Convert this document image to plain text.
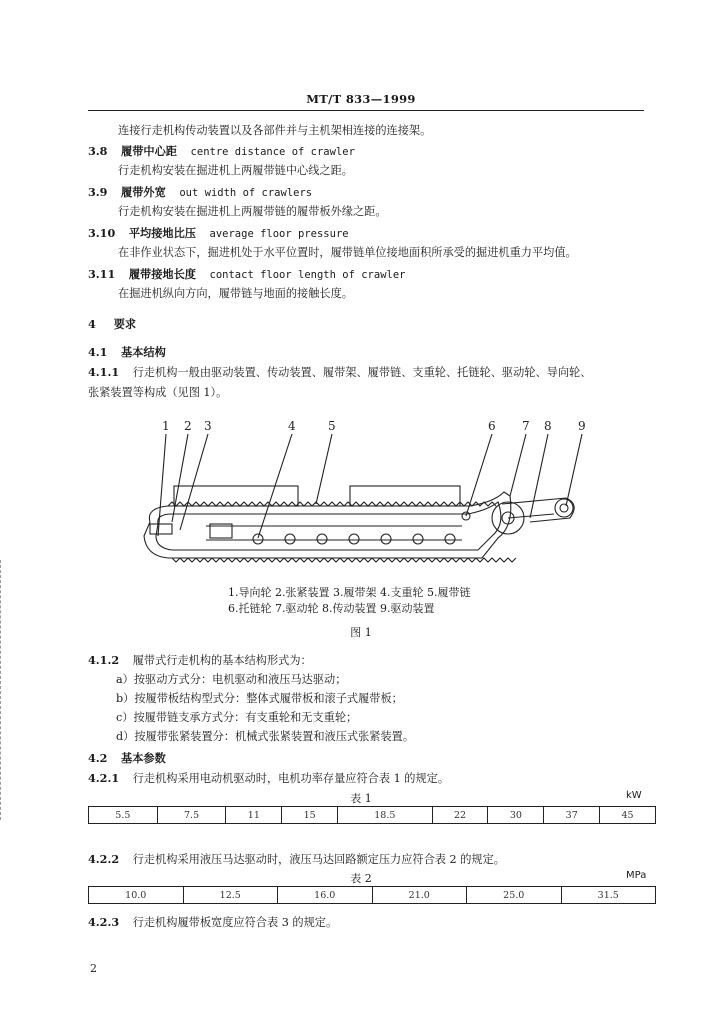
MT/T 833—1999
连接行走机构传动装置以及各部件并与主机架相连接的连接架。
3.8 履带中心距 centre distance of crawler
行走机构安装在掘进机上两履带链中心线之距。
3.9 履带外宽 out width of crawlers
行走机构安装在掘进机上两履带链的履带板外缘之距。
3.10 平均接地比压 average floor pressure
在非作业状态下，掘进机处于水平位置时，履带链单位接地面积所承受的掘进机重力平均值。
3.11 履带接地长度 contact floor length of crawler
在掘进机纵向方向，履带链与地面的接触长度。
4 要求
4.1 基本结构
4.1.1 行走机构一般由驱动装置、传动装置、履带架、履带链、支重轮、托链轮、驱动轮、导向轮、
张紧装置等构成（见图 1）。
1 2 3	4	5	6 7 8 9
1.导向轮 2.张紧装置 3.履带架 4.支重轮 5.履带链
6.托链轮 7.驱动轮 8.传动装置 9.驱动装置
图 1
4.1.2 履带式行走机构的基本结构形式为：
a）按驱动方式分：电机驱动和液压马达驱动；
b）按履带板结构型式分：整体式履带板和滚子式履带板；
c）按履带链支承方式分：有支重轮和无支重轮；
d）按履带张紧装置分：机械式张紧装置和液压式张紧装置。
4.2 基本参数
4.2.1 行走机构采用电动机驱动时，电机功率存量应符合表 1 的规定。
表 1	kW
5.5	7.5	11	15	18.5	22	30	37	45
4.2.2 行走机构采用液压马达驱动时，液压马达回路额定压力应符合表 2 的规定。
表 2	MPa
10.0	12.5	16.0	21.0	25.0	31.5
4.2.3 行走机构履带板宽度应符合表 3 的规定。
2
